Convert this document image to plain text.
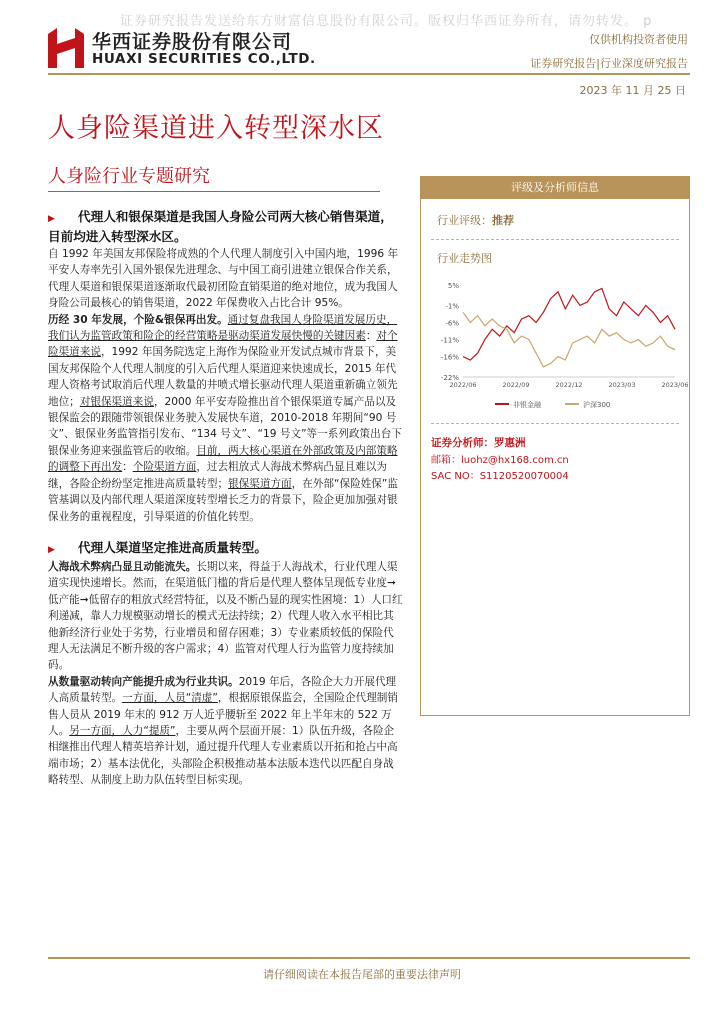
证券研究报告发送给东方财富信息股份有限公司。版权归华西证券所有，请勿转发。 p
华西证券股份有限公司
HUAXI SECURITIES CO.,LTD.
仅供机构投资者使用
证券研究报告|行业深度研究报告
2023 年 11 月 25 日
人身险渠道进入转型深水区
人身险行业专题研究
▶ 代理人和银保渠道是我国人身险公司两大核心销售渠道，目前均进入转型深水区。

自 1992 年美国友邦保险将成熟的个人代理人制度引入中国内地，1996 年平安人寿率先引入国外银保先进理念、与中国工商引进建立银保合作关系，代理人渠道和银保渠道逐渐取代最初团险直销渠道的绝对地位，成为我国人身险公司最核心的销售渠道，2022 年保费收入占比合计 95%。

历经 30 年发展，个险&银保再出发。通过复盘我国人身险渠道发展历史，我们认为监管政策和险企的经营策略是驱动渠道发展快慢的关键因素：对个险渠道来说，1992 年国务院选定上海作为保险业开发试点城市背景下，美国友邦保险个人代理人制度的引入后代理人渠道迎来快速成长，2015 年代理人资格考试取消后代理人数量的井喷式增长驱动代理人渠道重新确立领先地位；对银保渠道来说，2000 年平安寿险推出首个银保渠道专属产品以及银保监会的跟随带领银保业务驶入发展快车道，2010-2018 年期间“90 号文”、银保业务监管指引发布、“134 号文”、“19 号文”等一系列政策出台下银保业务迎来强监管后的收缩。目前，两大核心渠道在外部政策及内部策略的调整下再出发：个险渠道方面，过去粗放式人海战术弊病凸显且难以为继，各险企纷纷坚定推进高质量转型；银保渠道方面，在外部“保险姓保”监管基调以及内部代理人渠道深度转型增长乏力的背景下，险企更加加强对银保业务的重视程度，引导渠道的价值化转型。

▶ 代理人渠道坚定推进高质量转型。

人海战术弊病凸显且动能流失。长期以来，得益于人海战术，行业代理人渠道实现快速增长。然而，在渠道低门槛的背后是代理人整体呈现低专业度➞低产能➞低留存的粗放式经营特征，以及不断凸显的现实性困境：1）人口红利递减，靠人力规模驱动增长的模式无法持续；2）代理人收入水平相比其他新经济行业处于劣势，行业增员和留存困难；3）专业素质较低的保险代理人无法满足不断升级的客户需求；4）监管对代理人行为监管力度持续加码。

从数量驱动转向产能提升成为行业共识。2019 年后，各险企大力开展代理人高质量转型。一方面，人员“清虚”，根据原银保监会，全国险企代理制销售人员从 2019 年末的 912 万人近乎腰斩至 2022 年上半年末的 522 万人。另一方面，人力“提质”，主要从两个层面开展：1）队伍升级，各险企相继推出代理人精英培养计划，通过提升代理人专业素质以开拓和抢占中高端市场；2）基本法优化，头部险企积极推动基本法版本迭代以匹配自身战略转型、从制度上助力队伍转型目标实现。

评级及分析师信息
行业评级：推荐
行业走势图
5%
-1%
-6%
-11%
-16%
-22%
2022/06	2022/09	2022/12	2023/03	2023/06
非银金融	沪深300
证券分析师：罗惠洲
邮箱：luohz@hx168.com.cn
SAC NO：S1120520070004
请仔细阅读在本报告尾部的重要法律声明
